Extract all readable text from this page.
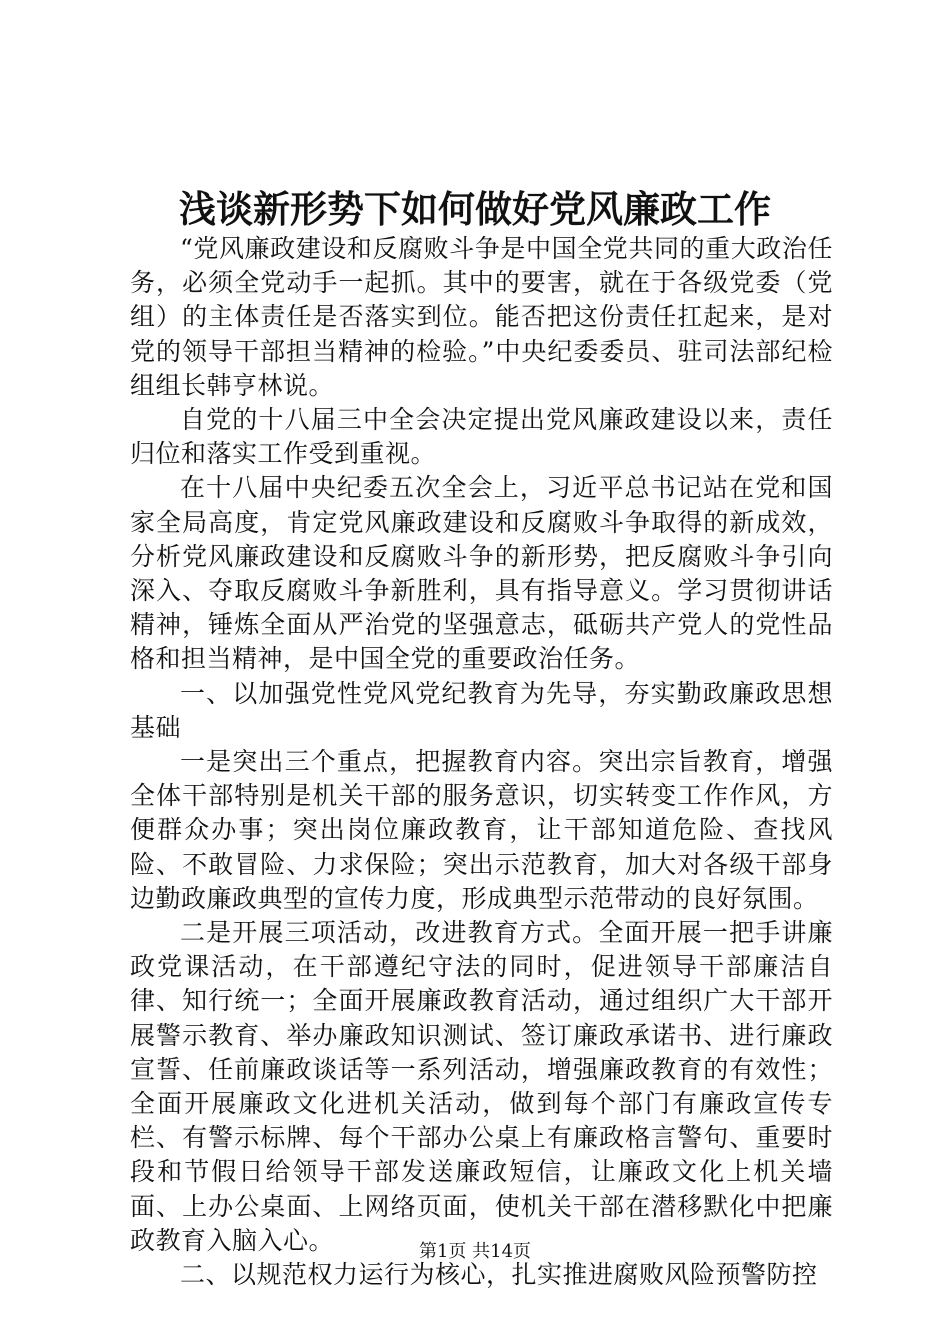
浅谈新形势下如何做好党风廉政工作

“党风廉政建设和反腐败斗争是中国全党共同的重大政治任务，必须全党动手一起抓。其中的要害，就在于各级党委（党组）的主体责任是否落实到位。能否把这份责任扛起来，是对党的领导干部担当精神的检验。”中央纪委委员、驻司法部纪检组组长韩亨林说。

自党的十八届三中全会决定提出党风廉政建设以来，责任归位和落实工作受到重视。

在十八届中央纪委五次全会上，习近平总书记站在党和国家全局高度，肯定党风廉政建设和反腐败斗争取得的新成效，分析党风廉政建设和反腐败斗争的新形势，把反腐败斗争引向深入、夺取反腐败斗争新胜利，具有指导意义。学习贯彻讲话精神，锤炼全面从严治党的坚强意志，砥砺共产党人的党性品格和担当精神，是中国全党的重要政治任务。

一、以加强党性党风党纪教育为先导，夯实勤政廉政思想基础

一是突出三个重点，把握教育内容。突出宗旨教育，增强全体干部特别是机关干部的服务意识，切实转变工作作风，方便群众办事；突出岗位廉政教育，让干部知道危险、查找风险、不敢冒险、力求保险；突出示范教育，加大对各级干部身边勤政廉政典型的宣传力度，形成典型示范带动的良好氛围。

二是开展三项活动，改进教育方式。全面开展一把手讲廉政党课活动，在干部遵纪守法的同时，促进领导干部廉洁自律、知行统一；全面开展廉政教育活动，通过组织广大干部开展警示教育、举办廉政知识测试、签订廉政承诺书、进行廉政宣誓、任前廉政谈话等一系列活动，增强廉政教育的有效性；全面开展廉政文化进机关活动，做到每个部门有廉政宣传专栏、有警示标牌、每个干部办公桌上有廉政格言警句、重要时段和节假日给领导干部发送廉政短信，让廉政文化上机关墙面、上办公桌面、上网络页面，使机关干部在潜移默化中把廉政教育入脑入心。

二、以规范权力运行为核心，扎实推进腐败风险预警防控

第1页 共14页
